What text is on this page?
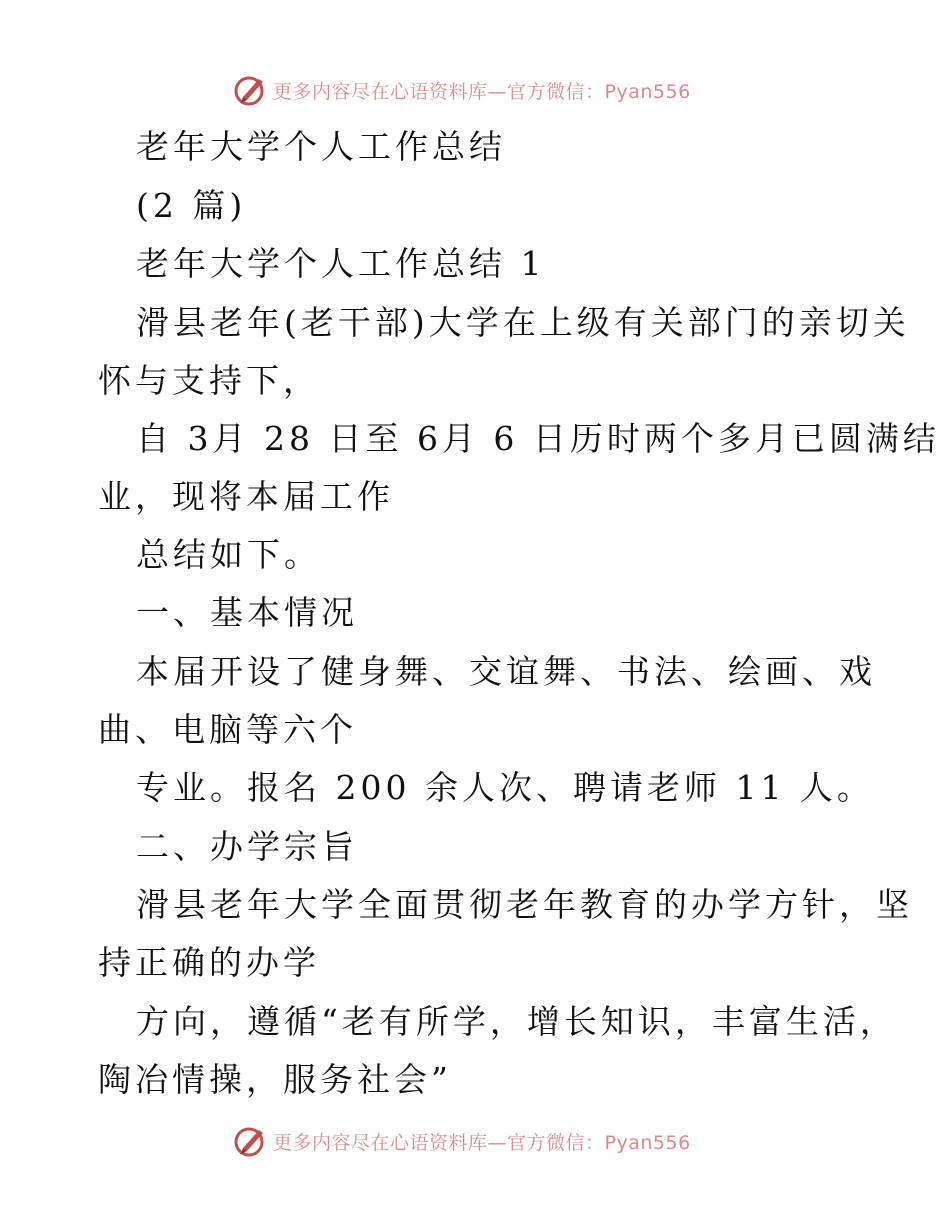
更多内容尽在心语资料库—官方微信：Pyan556
老年大学个人工作总结
(2 篇)
老年大学个人工作总结 1
滑县老年(老干部)大学在上级有关部门的亲切关
怀与支持下，
自 3月 28 日至 6月 6 日历时两个多月已圆满结
业，现将本届工作
总结如下。
一、基本情况
本届开设了健身舞、交谊舞、书法、绘画、戏
曲、电脑等六个
专业。报名 200 余人次、聘请老师 11 人。
二、办学宗旨
滑县老年大学全面贯彻老年教育的办学方针，坚
持正确的办学
方向，遵循“老有所学，增长知识，丰富生活，
陶冶情操，服务社会”
更多内容尽在心语资料库—官方微信：Pyan556
